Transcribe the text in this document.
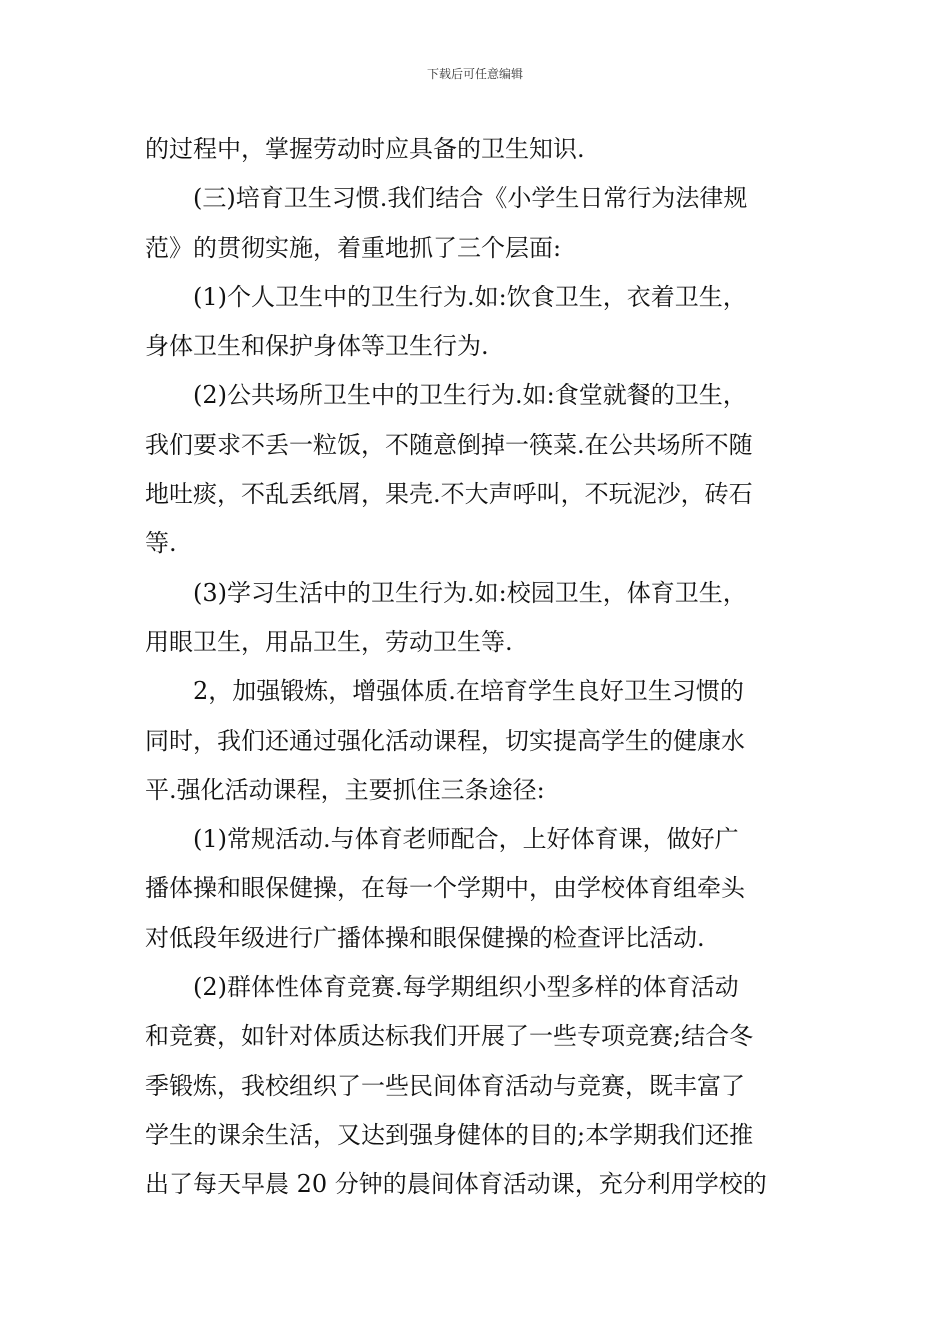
下载后可任意编辑
的过程中，掌握劳动时应具备的卫生知识.
(三)培育卫生习惯.我们结合《小学生日常行为法律规
范》的贯彻实施，着重地抓了三个层面:
(1)个人卫生中的卫生行为.如:饮食卫生，衣着卫生，
身体卫生和保护身体等卫生行为.
(2)公共场所卫生中的卫生行为.如:食堂就餐的卫生，
我们要求不丢一粒饭，不随意倒掉一筷菜.在公共场所不随
地吐痰，不乱丢纸屑，果壳.不大声呼叫，不玩泥沙，砖石
等.
(3)学习生活中的卫生行为.如:校园卫生，体育卫生，
用眼卫生，用品卫生，劳动卫生等.
2，加强锻炼，增强体质.在培育学生良好卫生习惯的
同时，我们还通过强化活动课程，切实提高学生的健康水
平.强化活动课程，主要抓住三条途径:
(1)常规活动.与体育老师配合，上好体育课，做好广
播体操和眼保健操，在每一个学期中，由学校体育组牵头
对低段年级进行广播体操和眼保健操的检查评比活动.
(2)群体性体育竞赛.每学期组织小型多样的体育活动
和竞赛，如针对体质达标我们开展了一些专项竞赛;结合冬
季锻炼，我校组织了一些民间体育活动与竞赛，既丰富了
学生的课余生活，又达到强身健体的目的;本学期我们还推
出了每天早晨 20 分钟的晨间体育活动课，充分利用学校的
